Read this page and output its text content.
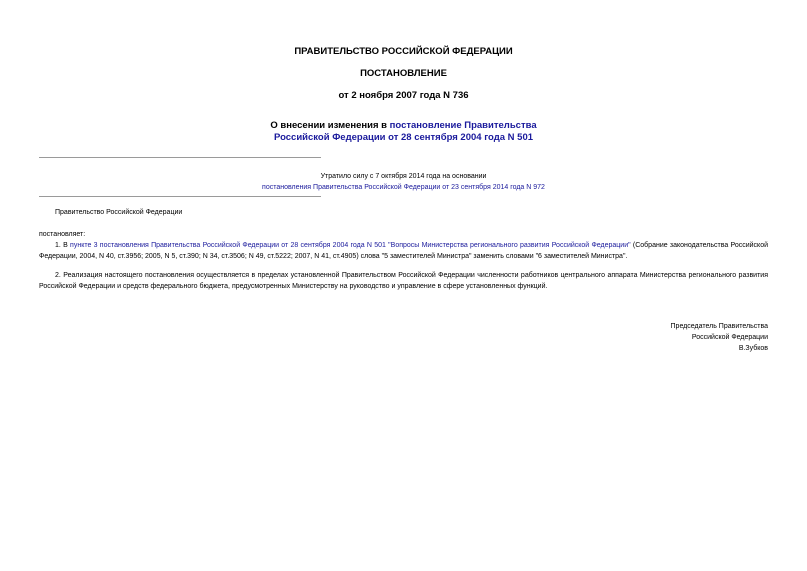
ПРАВИТЕЛЬСТВО РОССИЙСКОЙ ФЕДЕРАЦИИ
ПОСТАНОВЛЕНИЕ
от 2 ноября 2007 года N 736
О внесении изменения в постановление Правительства
Российской Федерации от 28 сентября 2004 года N 501
Утратило силу с 7 октября 2014 года на основании
постановления Правительства Российской Федерации от 23 сентября 2014 года N 972
Правительство Российской Федерации
постановляет:
1. В пункте 3 постановления Правительства Российской Федерации от 28 сентября 2004 года N 501 "Вопросы Министерства регионального развития Российской Федерации" (Собрание законодательства Российской Федерации, 2004, N 40, ст.3956; 2005, N 5, ст.390; N 34, ст.3506; N 49, ст.5222; 2007, N 41, ст.4905) слова "5 заместителей Министра" заменить словами "6 заместителей Министра".
2. Реализация настоящего постановления осуществляется в пределах установленной Правительством Российской Федерации численности работников центрального аппарата Министерства регионального развития Российской Федерации и средств федерального бюджета, предусмотренных Министерству на руководство и управление в сфере установленных функций.
Председатель Правительства
Российской Федерации
В.Зубков
